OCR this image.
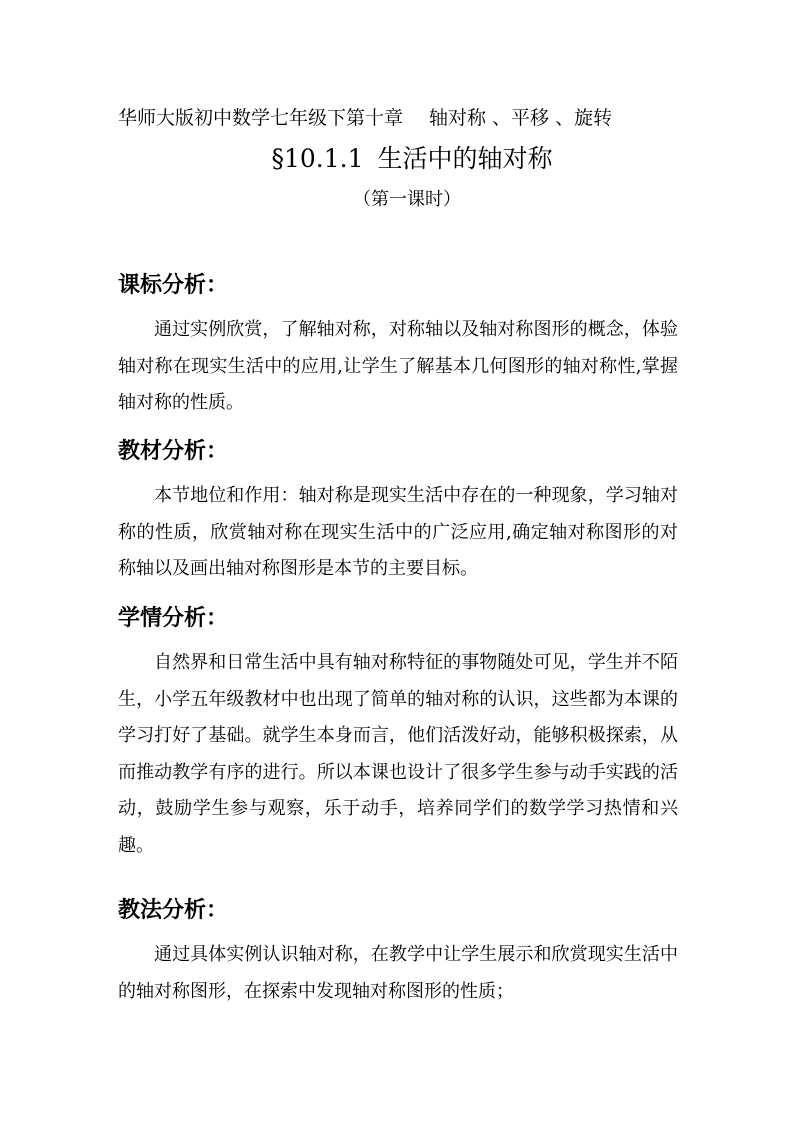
华师大版初中数学七年级下第十章 轴对称 、平移 、旋转
§10.1.1 生活中的轴对称
（第一课时）
课标分析：

通过实例欣赏，了解轴对称，对称轴以及轴对称图形的概念，体验轴对称在现实生活中的应用,让学生了解基本几何图形的轴对称性,掌握轴对称的性质。

教材分析：

本节地位和作用：轴对称是现实生活中存在的一种现象，学习轴对称的性质，欣赏轴对称在现实生活中的广泛应用,确定轴对称图形的对称轴以及画出轴对称图形是本节的主要目标。

学情分析：

自然界和日常生活中具有轴对称特征的事物随处可见，学生并不陌生，小学五年级教材中也出现了简单的轴对称的认识，这些都为本课的学习打好了基础。就学生本身而言，他们活泼好动，能够积极探索，从而推动教学有序的进行。所以本课也设计了很多学生参与动手实践的活动，鼓励学生参与观察，乐于动手，培养同学们的数学学习热情和兴趣。

教法分析：

通过具体实例认识轴对称，在教学中让学生展示和欣赏现实生活中的轴对称图形，在探索中发现轴对称图形的性质；
